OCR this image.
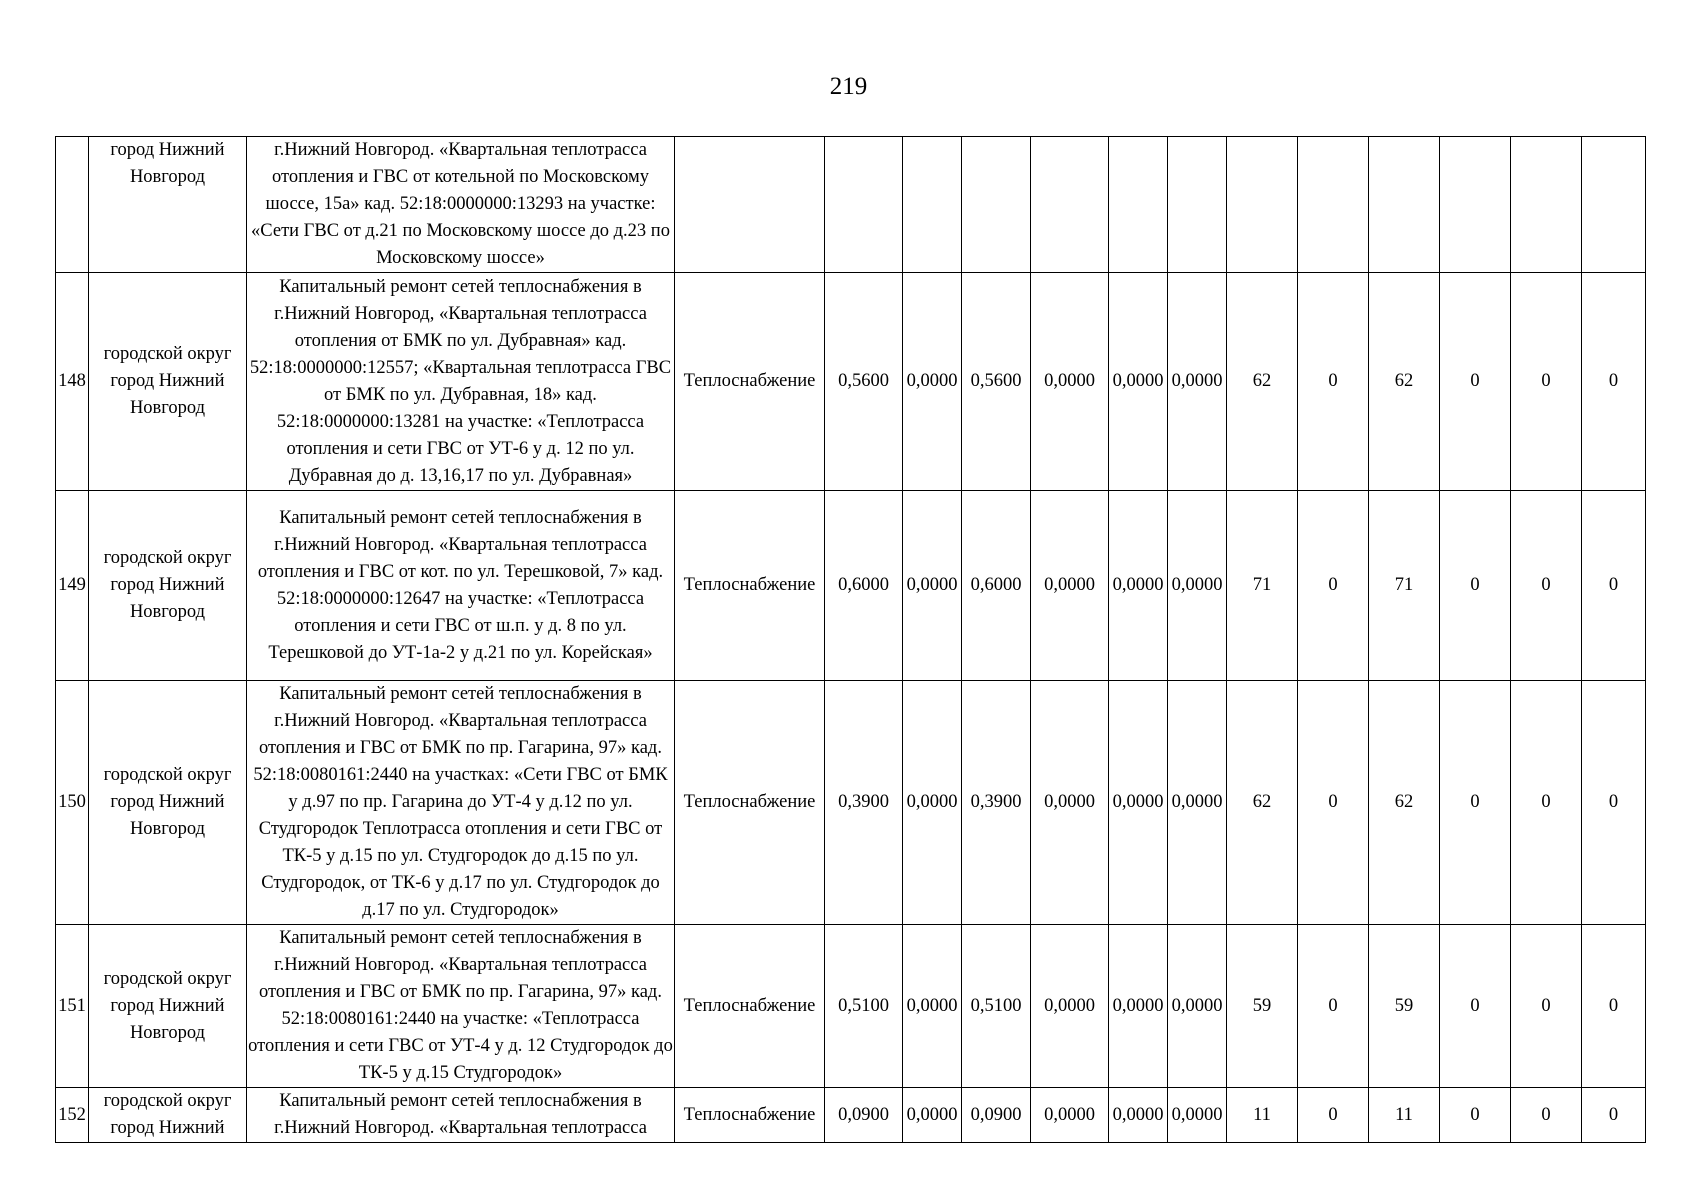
219
	город Нижний Новгород	г.Нижний Новгород. «Квартальная теплотрасса отопления и ГВС от котельной по Московскому шоссе, 15а» кад. 52:18:0000000:13293 на участке: «Сети ГВС от д.21 по Московскому шоссе до д.23 по Московскому шоссе»													
148	городской округ город Нижний Новгород	Капитальный ремонт сетей теплоснабжения в г.Нижний Новгород, «Квартальная теплотрасса отопления от БМК по ул. Дубравная» кад. 52:18:0000000:12557; «Квартальная теплотрасса ГВС от БМК по ул. Дубравная, 18» кад. 52:18:0000000:13281 на участке: «Теплотрасса отопления и сети ГВС от УТ-6 у д. 12 по ул. Дубравная до д. 13,16,17 по ул. Дубравная»	Теплоснабжение	0,5600	0,0000	0,5600	0,0000	0,0000	0,0000	62	0	62	0	0	0
149	городской округ город Нижний Новгород	Капитальный ремонт сетей теплоснабжения в г.Нижний Новгород. «Квартальная теплотрасса отопления и ГВС от кот. по ул. Терешковой, 7» кад. 52:18:0000000:12647 на участке: «Теплотрасса отопления и сети ГВС от ш.п. у д. 8 по ул. Терешковой до УТ-1а-2 у д.21 по ул. Корейская»	Теплоснабжение	0,6000	0,0000	0,6000	0,0000	0,0000	0,0000	71	0	71	0	0	0
150	городской округ город Нижний Новгород	Капитальный ремонт сетей теплоснабжения в г.Нижний Новгород. «Квартальная теплотрасса отопления и ГВС от БМК по пр. Гагарина, 97» кад. 52:18:0080161:2440 на участках: «Сети ГВС от БМК у д.97 по пр. Гагарина до УТ-4 у д.12 по ул. Студгородок Теплотрасса отопления и сети ГВС от ТК-5 у д.15 по ул. Студгородок до д.15 по ул. Студгородок, от ТК-6 у д.17 по ул. Студгородок до д.17 по ул. Студгородок»	Теплоснабжение	0,3900	0,0000	0,3900	0,0000	0,0000	0,0000	62	0	62	0	0	0
151	городской округ город Нижний Новгород	Капитальный ремонт сетей теплоснабжения в г.Нижний Новгород. «Квартальная теплотрасса отопления и ГВС от БМК по пр. Гагарина, 97» кад. 52:18:0080161:2440 на участке: «Теплотрасса отопления и сети ГВС от УТ-4 у д. 12 Студгородок до ТК-5 у д.15 Студгородок»	Теплоснабжение	0,5100	0,0000	0,5100	0,0000	0,0000	0,0000	59	0	59	0	0	0
152	городской округ город Нижний	Капитальный ремонт сетей теплоснабжения в г.Нижний Новгород. «Квартальная теплотрасса	Теплоснабжение	0,0900	0,0000	0,0900	0,0000	0,0000	0,0000	11	0	11	0	0	0
